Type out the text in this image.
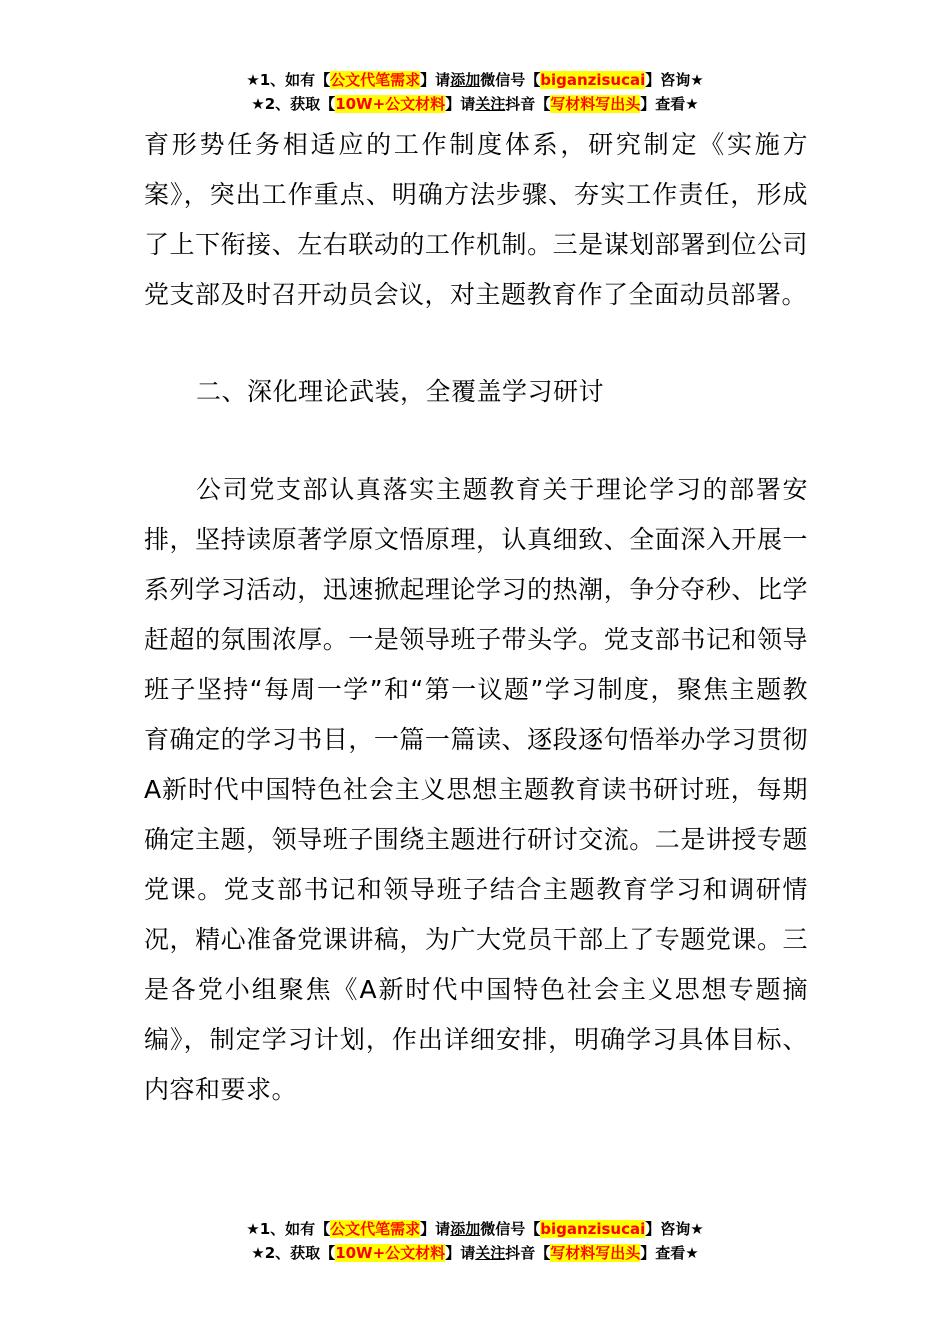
★1、如有【公文代笔需求】请添加微信号【biganzisucai】咨询★
★2、获取【10W+公文材料】请关注抖音【写材料写出头】查看★

育形势任务相适应的工作制度体系，研究制定《实施方案》，突出工作重点、明确方法步骤、夯实工作责任，形成了上下衔接、左右联动的工作机制。三是谋划部署到位公司党支部及时召开动员会议，对主题教育作了全面动员部署。

二、深化理论武装，全覆盖学习研讨

公司党支部认真落实主题教育关于理论学习的部署安排，坚持读原著学原文悟原理，认真细致、全面深入开展一系列学习活动，迅速掀起理论学习的热潮，争分夺秒、比学赶超的氛围浓厚。一是领导班子带头学。党支部书记和领导班子坚持“每周一学”和“第一议题”学习制度，聚焦主题教育确定的学习书目，一篇一篇读、逐段逐句悟举办学习贯彻A新时代中国特色社会主义思想主题教育读书研讨班，每期确定主题，领导班子围绕主题进行研讨交流。二是讲授专题党课。党支部书记和领导班子结合主题教育学习和调研情况，精心准备党课讲稿，为广大党员干部上了专题党课。三是各党小组聚焦《A新时代中国特色社会主义思想专题摘编》，制定学习计划，作出详细安排，明确学习具体目标、内容和要求。

★1、如有【公文代笔需求】请添加微信号【biganzisucai】咨询★
★2、获取【10W+公文材料】请关注抖音【写材料写出头】查看★
